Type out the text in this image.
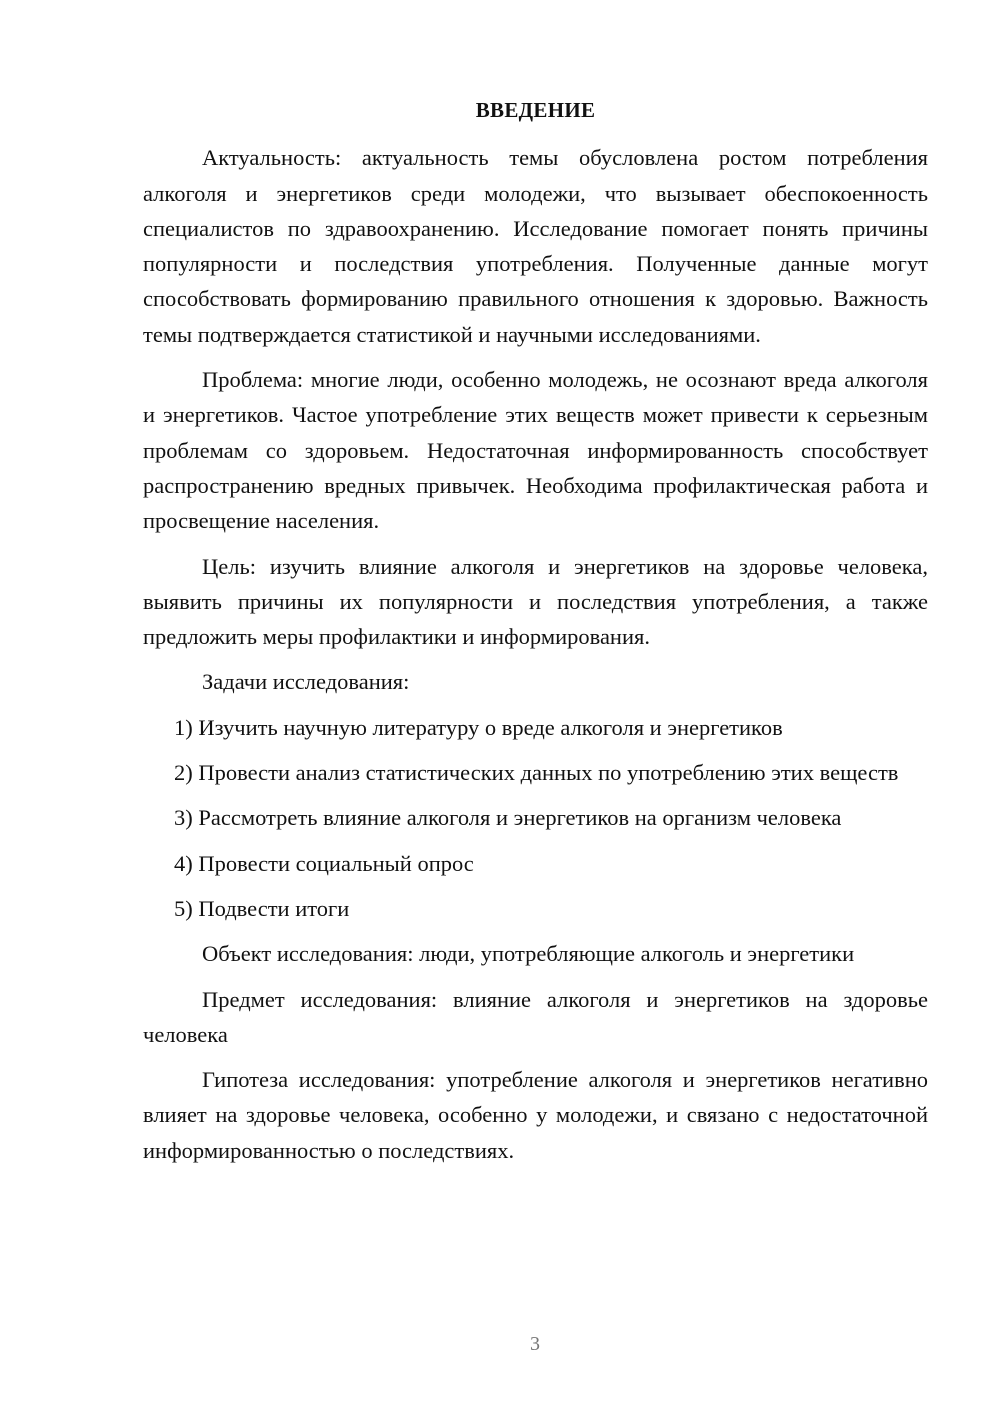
ВВЕДЕНИЕ

Актуальность: актуальность темы обусловлена ростом потребления алкоголя и энергетиков среди молодежи, что вызывает обеспокоенность специалистов по здравоохранению. Исследование помогает понять причины популярности и последствия употребления. Полученные данные могут способствовать формированию правильного отношения к здоровью. Важность темы подтверждается статистикой и научными исследованиями.

Проблема: многие люди, особенно молодежь, не осознают вреда алкоголя и энергетиков. Частое употребление этих веществ может привести к серьезным проблемам со здоровьем. Недостаточная информированность способствует распространению вредных привычек. Необходима профилактическая работа и просвещение населения.

Цель: изучить влияние алкоголя и энергетиков на здоровье человека, выявить причины их популярности и последствия употребления, а также предложить меры профилактики и информирования.

Задачи исследования:

1) Изучить научную литературу о вреде алкоголя и энергетиков

2) Провести анализ статистических данных по употреблению этих веществ

3) Рассмотреть влияние алкоголя и энергетиков на организм человека

4) Провести социальный опрос

5) Подвести итоги

Объект исследования: люди, употребляющие алкоголь и энергетики

Предмет исследования: влияние алкоголя и энергетиков на здоровье человека

Гипотеза исследования: употребление алкоголя и энергетиков негативно влияет на здоровье человека, особенно у молодежи, и связано с недостаточной информированностью о последствиях.

3
